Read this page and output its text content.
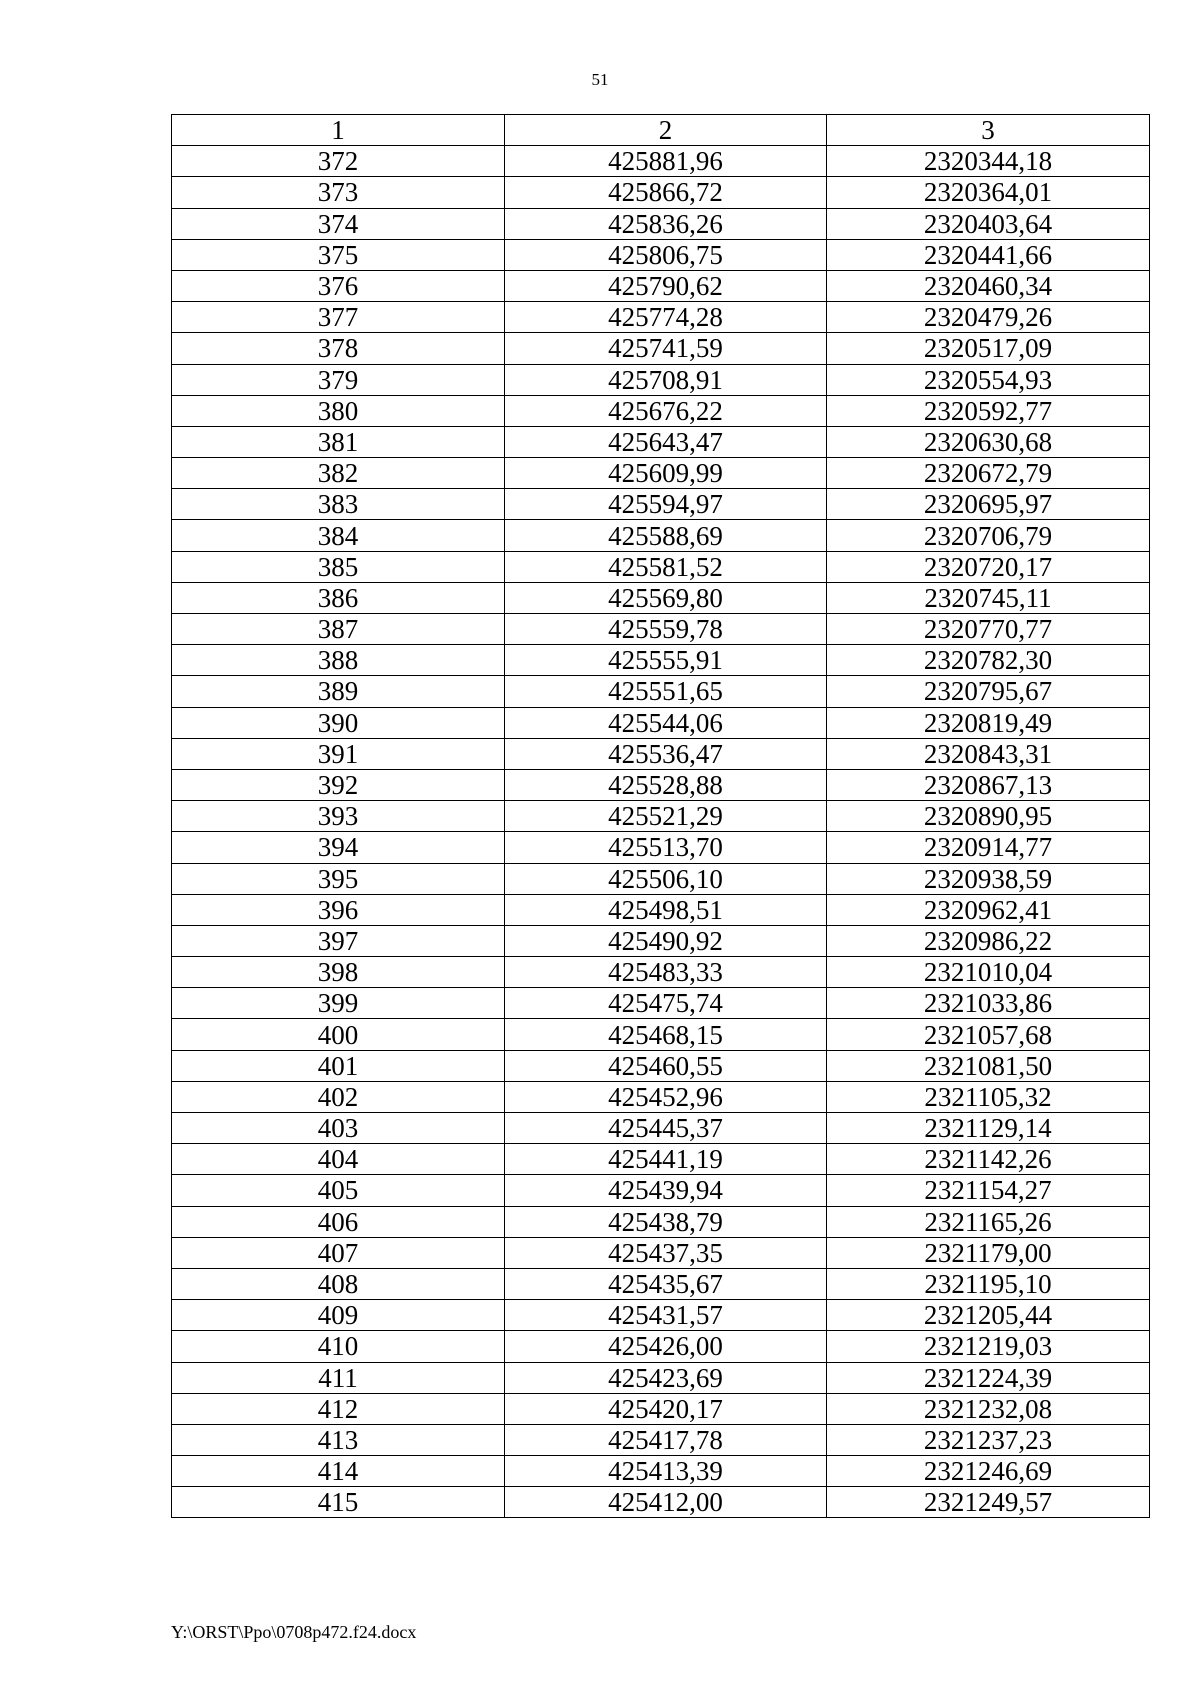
51
1	2	3
372	425881,96	2320344,18
373	425866,72	2320364,01
374	425836,26	2320403,64
375	425806,75	2320441,66
376	425790,62	2320460,34
377	425774,28	2320479,26
378	425741,59	2320517,09
379	425708,91	2320554,93
380	425676,22	2320592,77
381	425643,47	2320630,68
382	425609,99	2320672,79
383	425594,97	2320695,97
384	425588,69	2320706,79
385	425581,52	2320720,17
386	425569,80	2320745,11
387	425559,78	2320770,77
388	425555,91	2320782,30
389	425551,65	2320795,67
390	425544,06	2320819,49
391	425536,47	2320843,31
392	425528,88	2320867,13
393	425521,29	2320890,95
394	425513,70	2320914,77
395	425506,10	2320938,59
396	425498,51	2320962,41
397	425490,92	2320986,22
398	425483,33	2321010,04
399	425475,74	2321033,86
400	425468,15	2321057,68
401	425460,55	2321081,50
402	425452,96	2321105,32
403	425445,37	2321129,14
404	425441,19	2321142,26
405	425439,94	2321154,27
406	425438,79	2321165,26
407	425437,35	2321179,00
408	425435,67	2321195,10
409	425431,57	2321205,44
410	425426,00	2321219,03
411	425423,69	2321224,39
412	425420,17	2321232,08
413	425417,78	2321237,23
414	425413,39	2321246,69
415	425412,00	2321249,57
Y:\ORST\Ppo\0708p472.f24.docx
